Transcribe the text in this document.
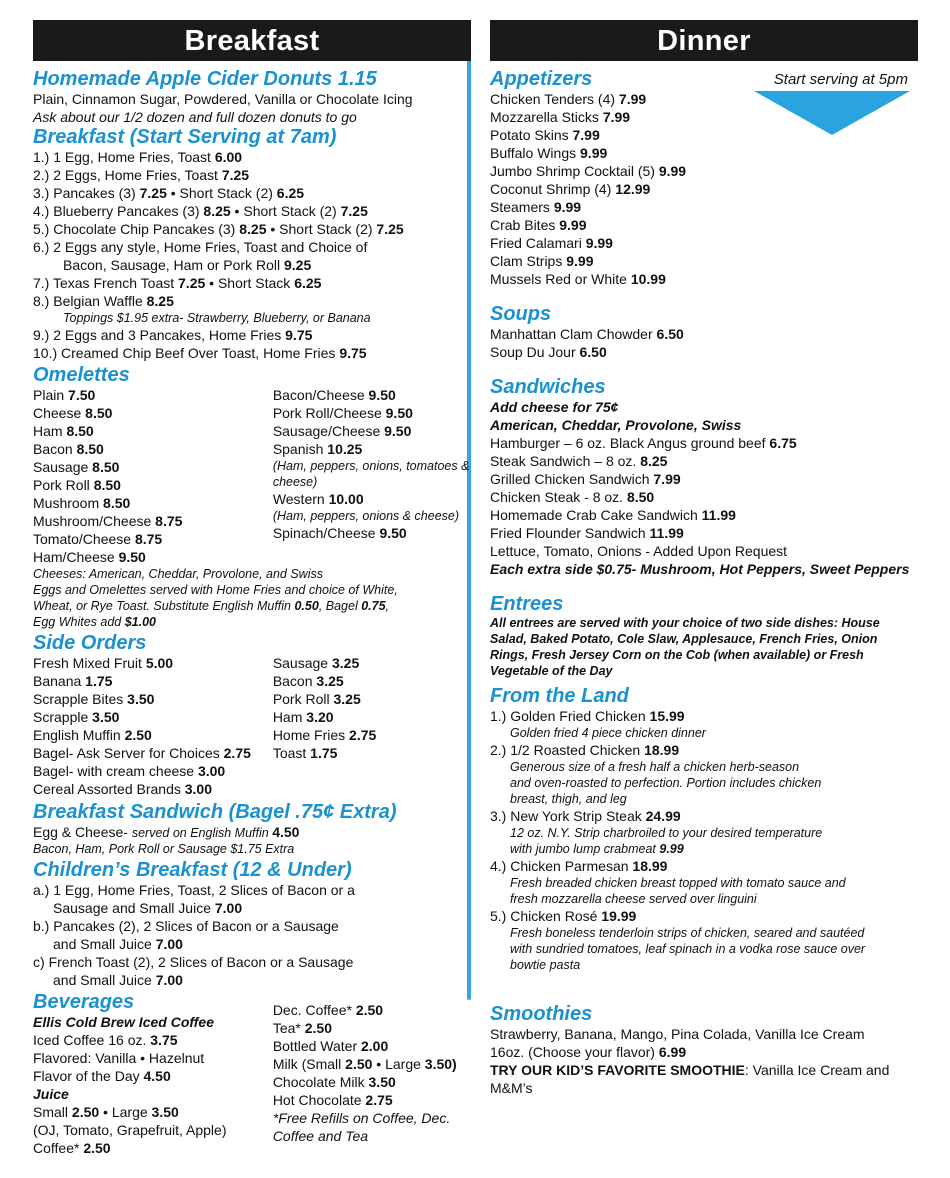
Breakfast
Homemade Apple Cider Donuts 1.15
Plain, Cinnamon Sugar, Powdered, Vanilla or Chocolate Icing
Ask about our 1/2 dozen and full dozen donuts to go
Breakfast (Start Serving at 7am)
1.) 1 Egg, Home Fries, Toast 6.00
2.) 2 Eggs, Home Fries, Toast 7.25
3.) Pancakes (3) 7.25 • Short Stack (2) 6.25
4.) Blueberry Pancakes (3) 8.25 • Short Stack (2) 7.25
5.) Chocolate Chip Pancakes (3) 8.25 • Short Stack (2) 7.25
6.) 2 Eggs any style, Home Fries, Toast and Choice of
Bacon, Sausage, Ham or Pork Roll 9.25
7.) Texas French Toast 7.25 • Short Stack 6.25
8.) Belgian Waffle 8.25
Toppings $1.95 extra- Strawberry, Blueberry, or Banana
9.) 2 Eggs and 3 Pancakes, Home Fries 9.75
10.) Creamed Chip Beef Over Toast, Home Fries 9.75
Omelettes
Plain 7.50
Cheese 8.50
Ham 8.50
Bacon 8.50
Sausage 8.50
Pork Roll 8.50
Mushroom 8.50
Mushroom/Cheese 8.75
Tomato/Cheese 8.75
Ham/Cheese 9.50
Bacon/Cheese 9.50
Pork Roll/Cheese 9.50
Sausage/Cheese 9.50
Spanish 10.25
(Ham, peppers, onions, tomatoes & cheese)
Western 10.00
(Ham, peppers, onions & cheese)
Spinach/Cheese 9.50
Cheeses: American, Cheddar, Provolone, and Swiss
Eggs and Omelettes served with Home Fries and choice of White,
Wheat, or Rye Toast. Substitute English Muffin 0.50, Bagel 0.75,
Egg Whites add $1.00
Side Orders
Fresh Mixed Fruit 5.00
Banana 1.75
Scrapple Bites 3.50
Scrapple 3.50
English Muffin 2.50
Bagel- Ask Server for Choices 2.75
Bagel- with cream cheese 3.00
Cereal Assorted Brands 3.00
Sausage 3.25
Bacon 3.25
Pork Roll 3.25
Ham 3.20
Home Fries 2.75
Toast 1.75
Breakfast Sandwich (Bagel .75¢ Extra)
Egg & Cheese- served on English Muffin 4.50
Bacon, Ham, Pork Roll or Sausage $1.75 Extra
Children’s Breakfast (12 & Under)
a.) 1 Egg, Home Fries, Toast, 2 Slices of Bacon or a
Sausage and Small Juice 7.00
b.) Pancakes (2), 2 Slices of Bacon or a Sausage
and Small Juice 7.00
c) French Toast (2), 2 Slices of Bacon or a Sausage
and Small Juice 7.00
Beverages
Ellis Cold Brew Iced Coffee
Iced Coffee 16 oz. 3.75
Flavored: Vanilla • Hazelnut
Flavor of the Day 4.50
Juice
Small 2.50 • Large 3.50
(OJ, Tomato, Grapefruit, Apple)
Coffee* 2.50
Dec. Coffee* 2.50
Tea* 2.50
Bottled Water 2.00
Milk (Small 2.50 • Large 3.50)
Chocolate Milk 3.50
Hot Chocolate 2.75
*Free Refills on Coffee, Dec. Coffee and Tea
Dinner
Start serving at 5pm
Appetizers
Chicken Tenders (4) 7.99
Mozzarella Sticks 7.99
Potato Skins 7.99
Buffalo Wings 9.99
Jumbo Shrimp Cocktail (5) 9.99
Coconut Shrimp (4) 12.99
Steamers 9.99
Crab Bites 9.99
Fried Calamari 9.99
Clam Strips 9.99
Mussels Red or White 10.99
Soups
Manhattan Clam Chowder 6.50
Soup Du Jour 6.50
Sandwiches
Add cheese for 75¢
American, Cheddar, Provolone, Swiss
Hamburger – 6 oz. Black Angus ground beef 6.75
Steak Sandwich – 8 oz. 8.25
Grilled Chicken Sandwich 7.99
Chicken Steak - 8 oz. 8.50
Homemade Crab Cake Sandwich 11.99
Fried Flounder Sandwich 11.99
Lettuce, Tomato, Onions - Added Upon Request
Each extra side $0.75- Mushroom, Hot Peppers, Sweet Peppers
Entrees
All entrees are served with your choice of two side dishes: House Salad, Baked Potato, Cole Slaw, Applesauce, French Fries, Onion Rings, Fresh Jersey Corn on the Cob (when available) or Fresh Vegetable of the Day
From the Land
1.) Golden Fried Chicken 15.99
Golden fried 4 piece chicken dinner
2.) 1/2 Roasted Chicken 18.99
Generous size of a fresh half a chicken herb-season
and oven-roasted to perfection. Portion includes chicken
breast, thigh, and leg
3.) New York Strip Steak 24.99
12 oz. N.Y. Strip charbroiled to your desired temperature
with jumbo lump crabmeat 9.99
4.) Chicken Parmesan 18.99
Fresh breaded chicken breast topped with tomato sauce and
fresh mozzarella cheese served over linguini
5.) Chicken Rosé 19.99
Fresh boneless tenderloin strips of chicken, seared and sautéed
with sundried tomatoes, leaf spinach in a vodka rose sauce over
bowtie pasta
Smoothies
Strawberry, Banana, Mango, Pina Colada, Vanilla Ice Cream
16oz. (Choose your flavor) 6.99
TRY OUR KID’S FAVORITE SMOOTHIE: Vanilla Ice Cream and M&M’s
